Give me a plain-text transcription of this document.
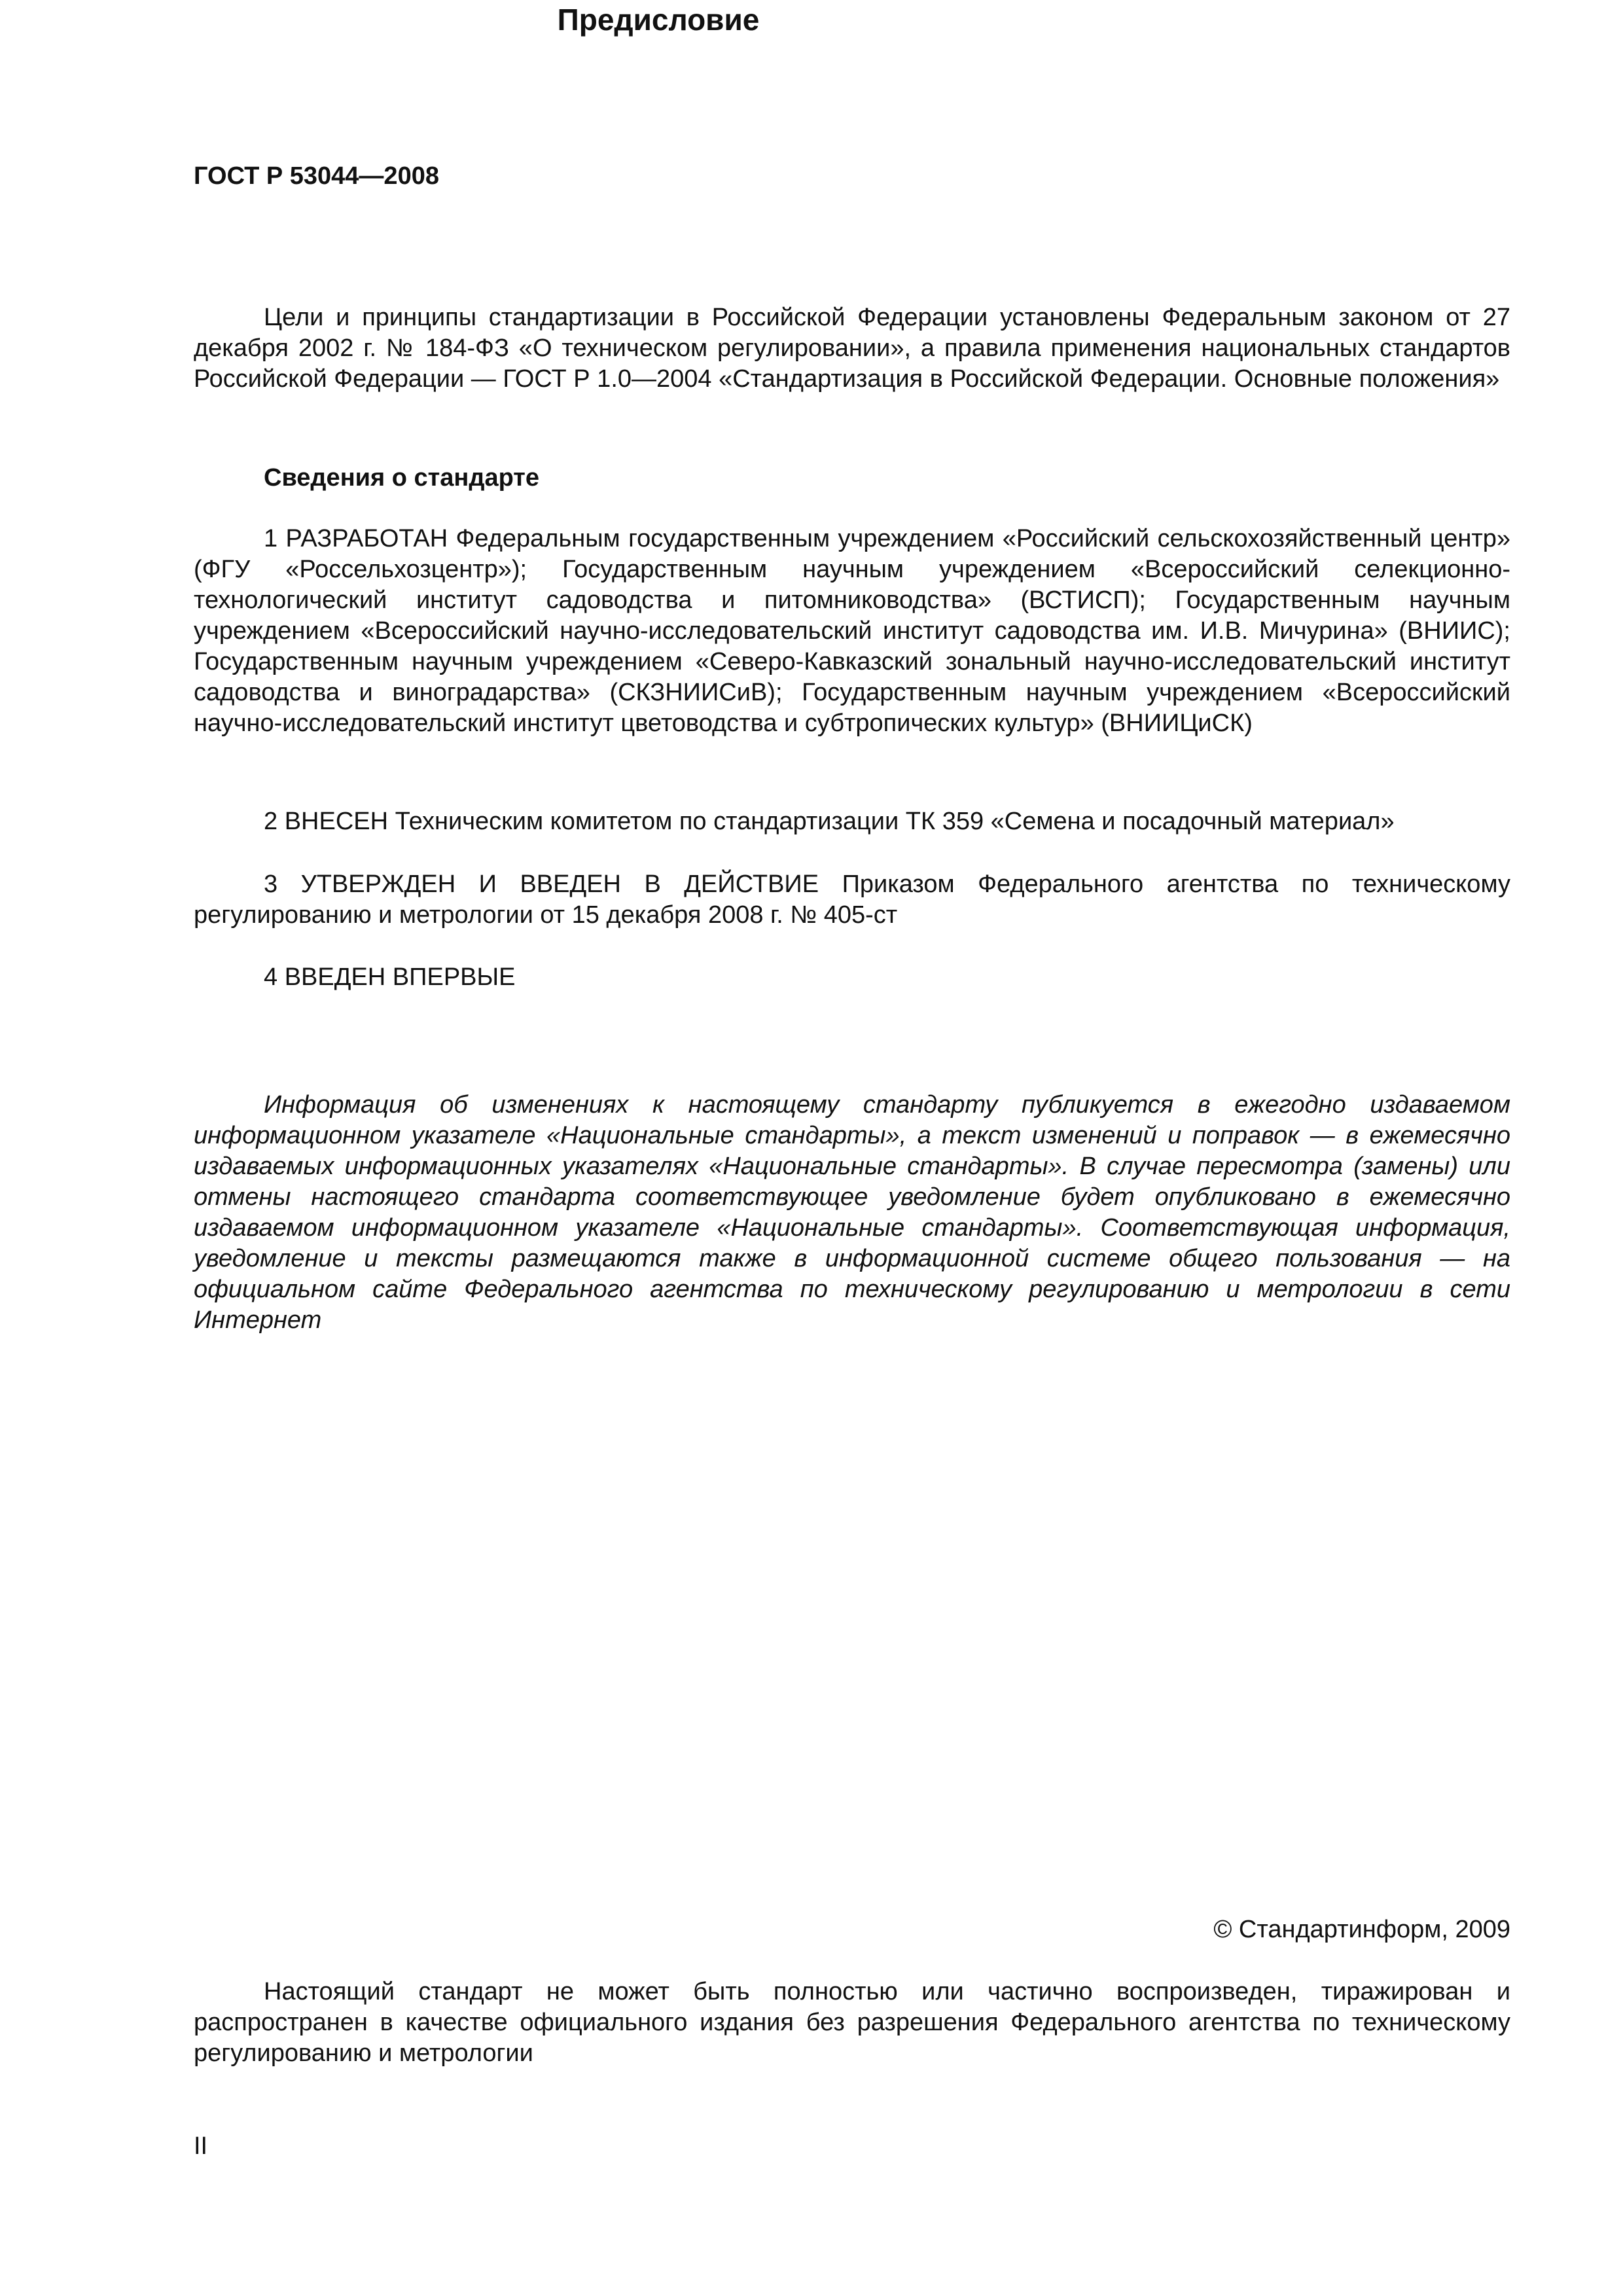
ГОСТ Р 53044—2008
Предисловие

Цели и принципы стандартизации в Российской Федерации установлены Федеральным законом от 27 декабря 2002 г. № 184-ФЗ «О техническом регулировании», а правила применения национальных стандартов Российской Федерации — ГОСТ Р 1.0—2004 «Стандартизация в Российской Федерации. Основные положения»

Сведения о стандарте

1 РАЗРАБОТАН Федеральным государственным учреждением «Российский сельскохозяйственный центр» (ФГУ «Россельхозцентр»); Государственным научным учреждением «Всероссийский селекционно-технологический институт садоводства и питомниководства» (ВСТИСП); Государственным научным учреждением «Всероссийский научно-исследовательский институт садоводства им. И.В. Мичурина» (ВНИИС); Государственным научным учреждением «Северо-Кавказский зональный научно-исследовательский институт садоводства и виноградарства» (СКЗНИИСиВ); Государственным научным учреждением «Всероссийский научно-исследовательский институт цветоводства и субтропических культур» (ВНИИЦиСК)

2 ВНЕСЕН Техническим комитетом по стандартизации ТК 359 «Семена и посадочный материал»

3 УТВЕРЖДЕН И ВВЕДЕН В ДЕЙСТВИЕ Приказом Федерального агентства по техническому регулированию и метрологии от 15 декабря 2008 г. № 405-ст

4 ВВЕДЕН ВПЕРВЫЕ

Информация об изменениях к настоящему стандарту публикуется в ежегодно издаваемом информационном указателе «Национальные стандарты», а текст изменений и поправок — в ежемесячно издаваемых информационных указателях «Национальные стандарты». В случае пересмотра (замены) или отмены настоящего стандарта соответствующее уведомление будет опубликовано в ежемесячно издаваемом информационном указателе «Национальные стандарты». Соответствующая информация, уведомление и тексты размещаются также в информационной системе общего пользования — на официальном сайте Федерального агентства по техническому регулированию и метрологии в сети Интернет

© Стандартинформ, 2009

Настоящий стандарт не может быть полностью или частично воспроизведен, тиражирован и распространен в качестве официального издания без разрешения Федерального агентства по техническому регулированию и метрологии

II
